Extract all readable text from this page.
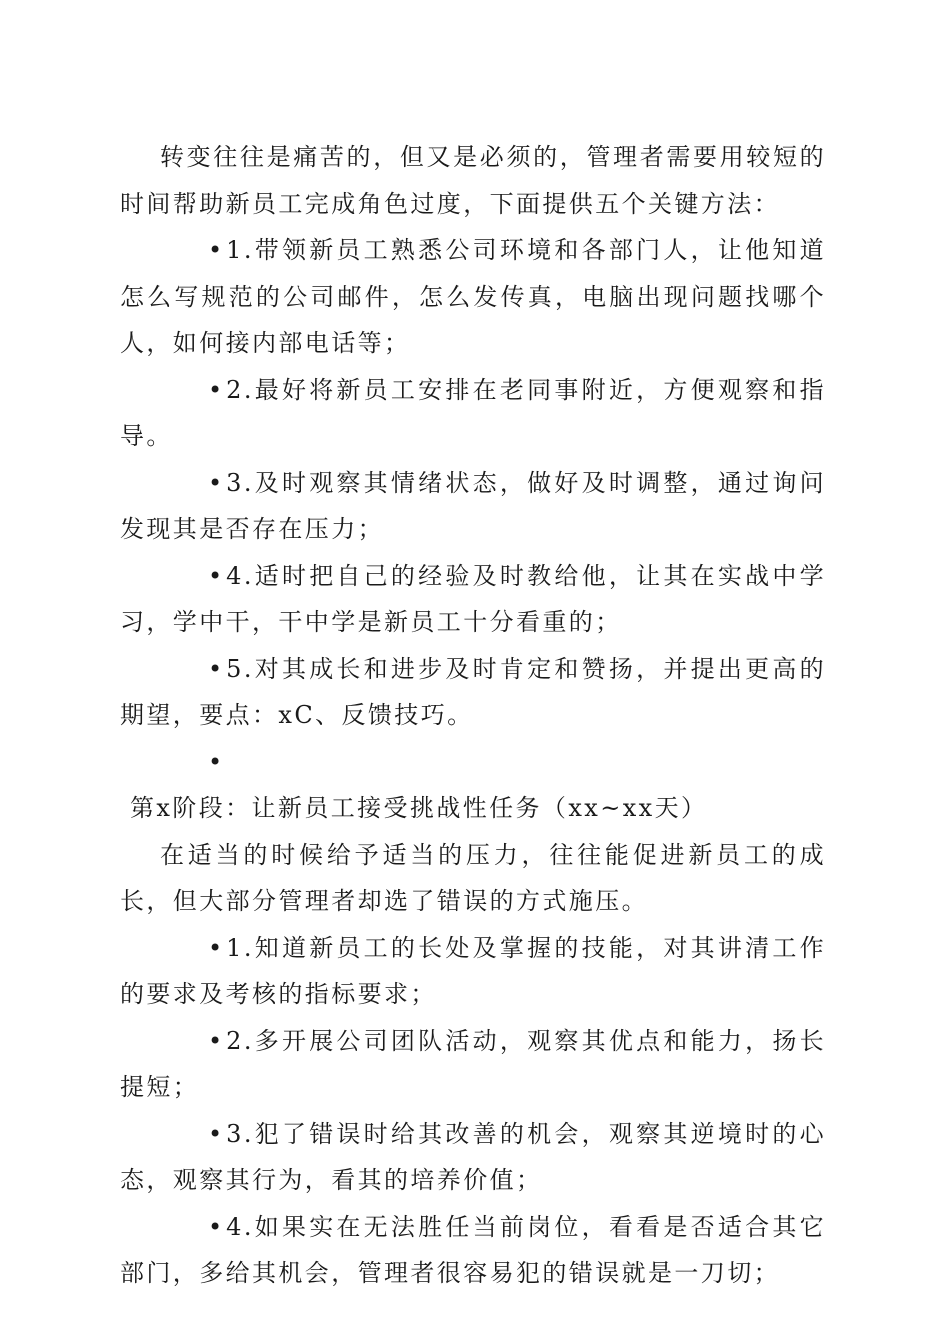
转变往往是痛苦的，但又是必须的，管理者需要用较短的时间帮助新员工完成角色过度，下面提供五个关键方法：

• 1.带领新员工熟悉公司环境和各部门人，让他知道怎么写规范的公司邮件，怎么发传真，电脑出现问题找哪个人，如何接内部电话等；

• 2.最好将新员工安排在老同事附近，方便观察和指导。

• 3.及时观察其情绪状态，做好及时调整，通过询问发现其是否存在压力；

• 4.适时把自己的经验及时教给他，让其在实战中学习，学中干，干中学是新员工十分看重的；

• 5.对其成长和进步及时肯定和赞扬，并提出更高的期望，要点：xC、反馈技巧。

•

第x阶段：让新员工接受挑战性任务（xx~xx天）

在适当的时候给予适当的压力，往往能促进新员工的成长，但大部分管理者却选了错误的方式施压。

• 1.知道新员工的长处及掌握的技能，对其讲清工作的要求及考核的指标要求；

• 2.多开展公司团队活动，观察其优点和能力，扬长提短；

• 3.犯了错误时给其改善的机会，观察其逆境时的心态，观察其行为，看其的培养价值；

• 4.如果实在无法胜任当前岗位，看看是否适合其它部门，多给其机会，管理者很容易犯的错误就是一刀切；
